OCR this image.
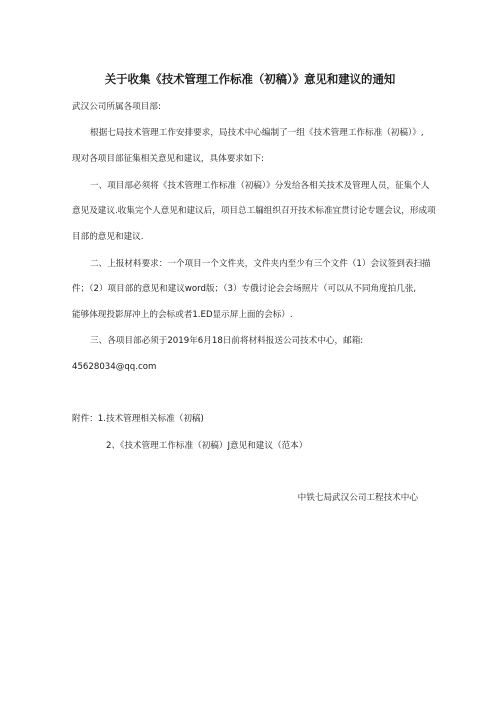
关于收集《技术管理工作标准（初稿）》意见和建议的通知

武汉公司所属各项目部:

根据七局技术管理工作安排要求，局技术中心编制了一组《技术管理工作标准（初稿）》,

现对各项目部征集相关意见和建议，具体要求如下:

一、项目部必须将《技术管理工作标准（初稿）》分发给各相关技术及管理人员，征集个人

意见及建议.收集完个人意见和建议后，项目总工牖组织召开技术标准宜贯讨论专题会议，形成项

目部的意见和建议.

二、上报材料要求：一个项目一个文件夹，文件夹内至少有三个文件（1）会议签到表扫描

件；（2）项目部的意见和建议word版；（3）专俄讨论会会场照片（可以从不同角度拍几张,

能够体现投影屏冲上的会标或者1.ED显示屏上面的会标）.

三、各项目部必须于2019年6月18日前将材料报送公司技术中心，邮箱:

45628034@qq.com

附件：1.技术管理相关标准（初稿)

2、《技术管理工作标准（初稿）J意见和建议（范本）

中铁七局武汉公司工程技术中心
